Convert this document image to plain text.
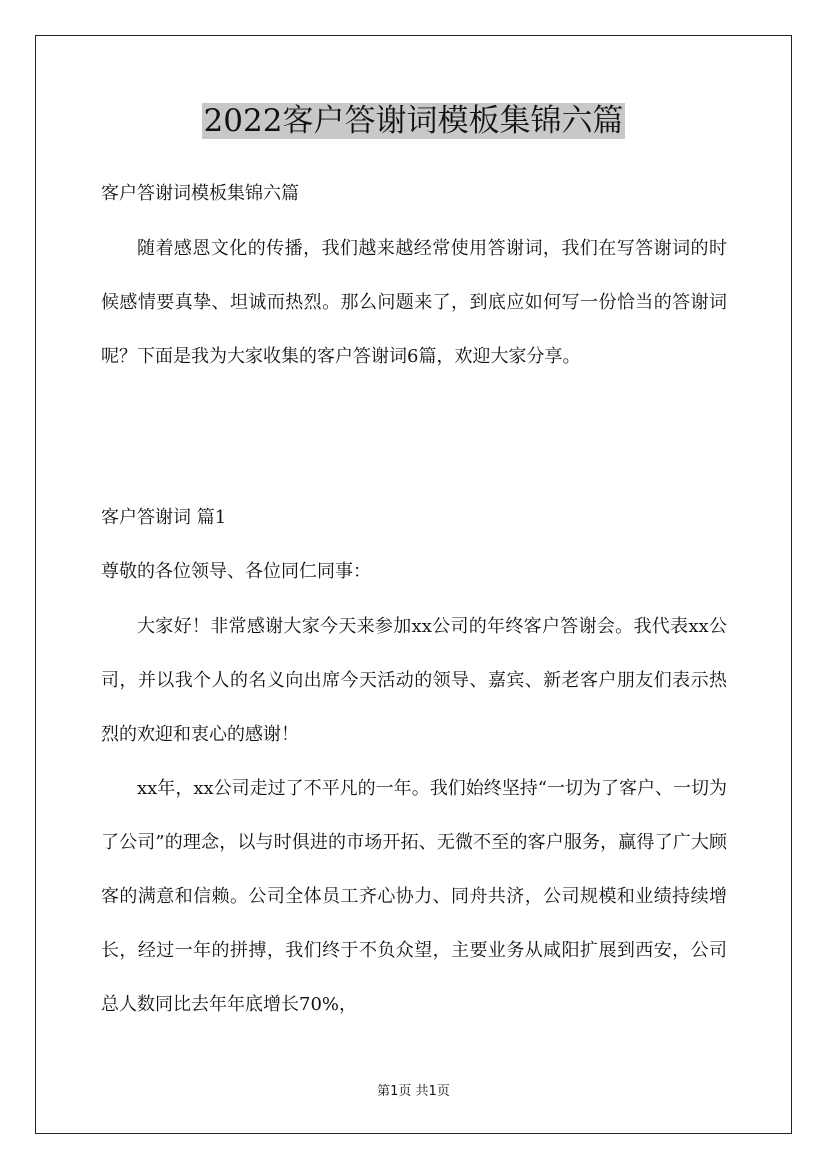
2022客户答谢词模板集锦六篇
客户答谢词模板集锦六篇

随着感恩文化的传播，我们越来越经常使用答谢词，我们在写答谢词的时候感情要真挚、坦诚而热烈。那么问题来了，到底应如何写一份恰当的答谢词呢？下面是我为大家收集的客户答谢词6篇，欢迎大家分享。

客户答谢词 篇1
尊敬的各位领导、各位同仁同事：

大家好！非常感谢大家今天来参加xx公司的年终客户答谢会。我代表xx公司，并以我个人的名义向出席今天活动的领导、嘉宾、新老客户朋友们表示热烈的欢迎和衷心的感谢！

xx年，xx公司走过了不平凡的一年。我们始终坚持“一切为了客户、一切为了公司”的理念，以与时俱进的市场开拓、无微不至的客户服务，赢得了广大顾客的满意和信赖。公司全体员工齐心协力、同舟共济，公司规模和业绩持续增长，经过一年的拼搏，我们终于不负众望，主要业务从咸阳扩展到西安，公司总人数同比去年年底增长70%，

第1页 共1页
